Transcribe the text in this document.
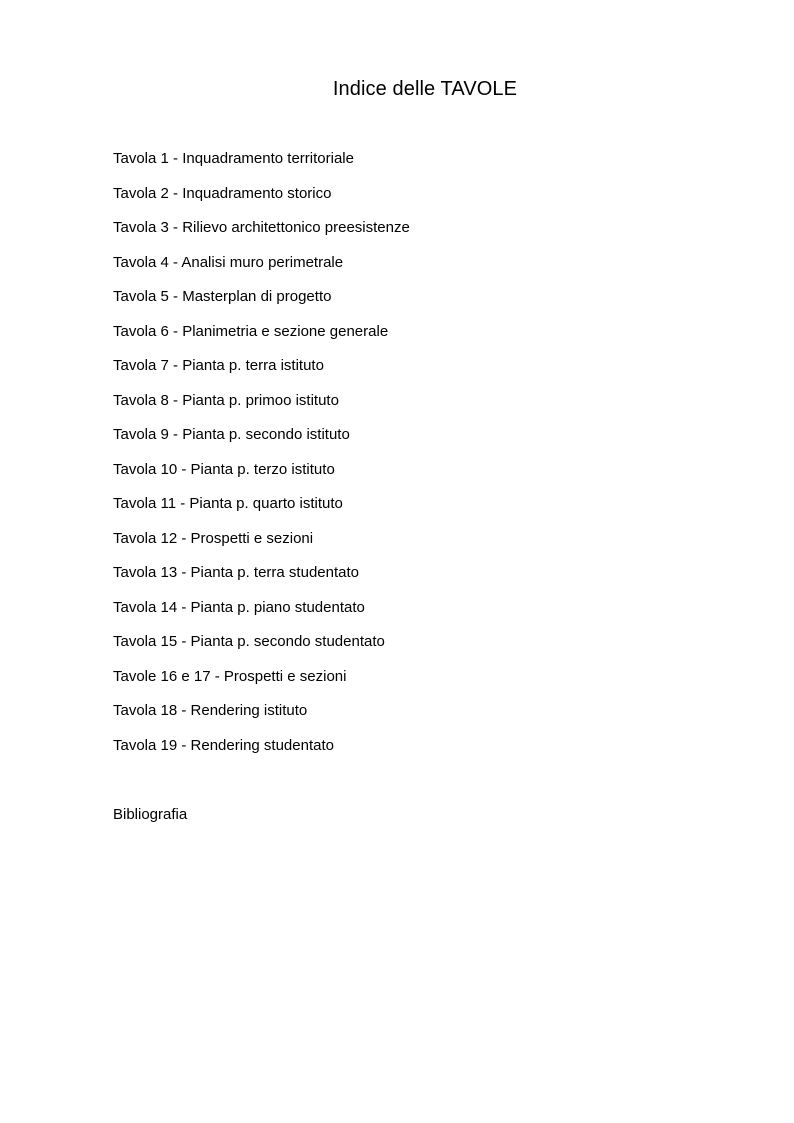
Indice delle TAVOLE
Tavola 1 - Inquadramento territoriale
Tavola 2 - Inquadramento storico
Tavola 3 - Rilievo architettonico preesistenze
Tavola 4 - Analisi muro perimetrale
Tavola 5 - Masterplan di progetto
Tavola 6 - Planimetria e sezione generale
Tavola 7 - Pianta p. terra istituto
Tavola 8 - Pianta p. primoo istituto
Tavola 9 - Pianta p. secondo istituto
Tavola 10 - Pianta p. terzo istituto
Tavola 11 - Pianta p. quarto istituto
Tavola 12 - Prospetti e sezioni
Tavola 13 - Pianta p. terra studentato
Tavola 14 - Pianta p. piano studentato
Tavola 15 - Pianta p. secondo studentato
Tavole 16 e 17 - Prospetti e sezioni
Tavola 18 - Rendering istituto
Tavola 19 - Rendering studentato
Bibliografia
